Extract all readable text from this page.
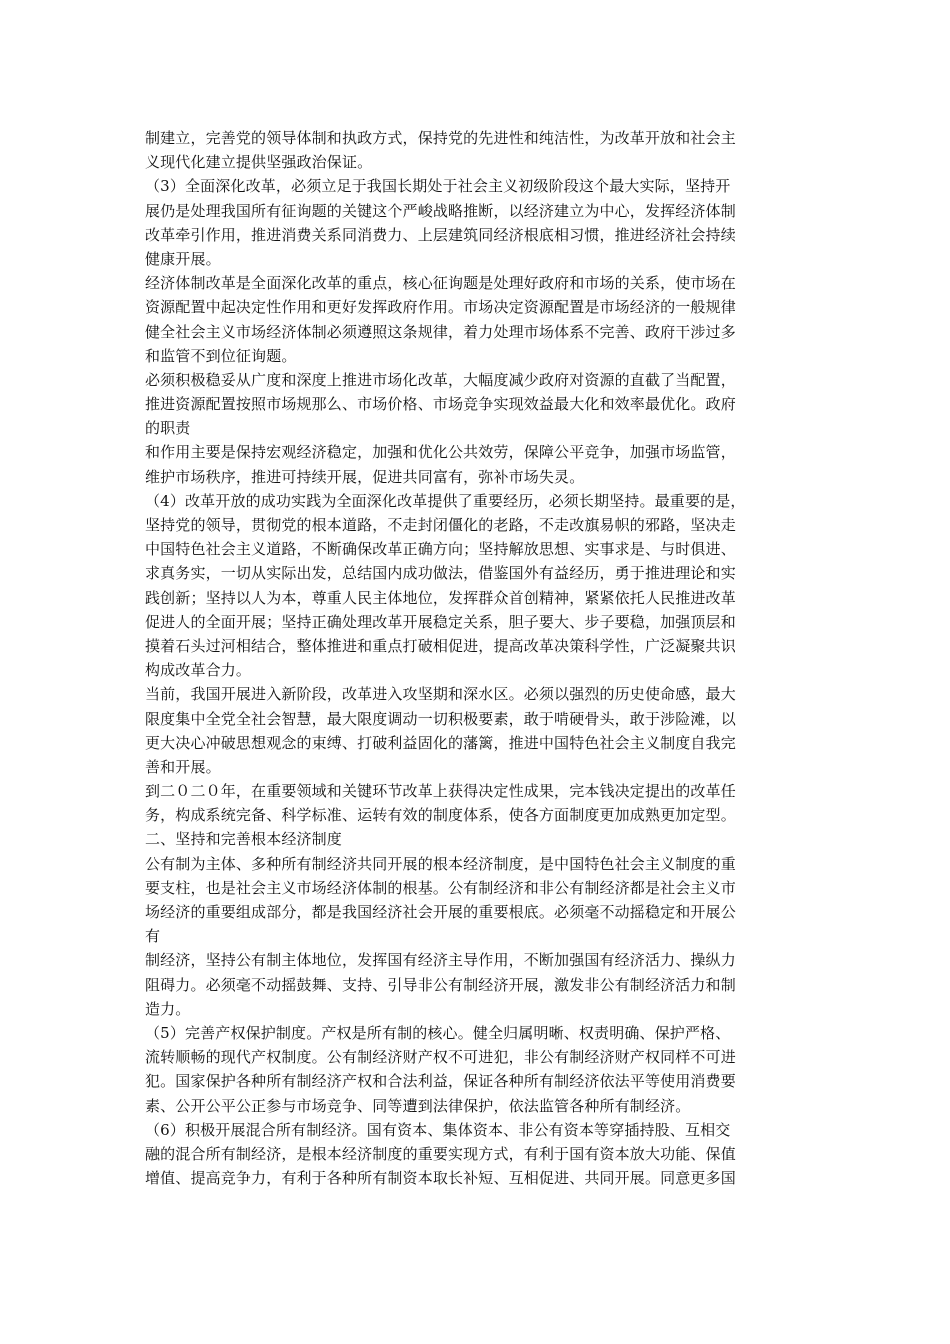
制建立，完善党的领导体制和执政方式，保持党的先进性和纯洁性，为改革开放和社会主
义现代化建立提供坚强政治保证。
（3）全面深化改革，必须立足于我国长期处于社会主义初级阶段这个最大实际，坚持开
展仍是处理我国所有征询题的关键这个严峻战略推断，以经济建立为中心，发挥经济体制
改革牵引作用，推进消费关系同消费力、上层建筑同经济根底相习惯，推进经济社会持续
健康开展。
经济体制改革是全面深化改革的重点，核心征询题是处理好政府和市场的关系，使市场在
资源配置中起决定性作用和更好发挥政府作用。市场决定资源配置是市场经济的一般规律
健全社会主义市场经济体制必须遵照这条规律，着力处理市场体系不完善、政府干涉过多
和监管不到位征询题。
必须积极稳妥从广度和深度上推进市场化改革，大幅度减少政府对资源的直截了当配置，
推进资源配置按照市场规那么、市场价格、市场竞争实现效益最大化和效率最优化。政府
的职责
和作用主要是保持宏观经济稳定，加强和优化公共效劳，保障公平竞争，加强市场监管，
维护市场秩序，推进可持续开展，促进共同富有，弥补市场失灵。
（4）改革开放的成功实践为全面深化改革提供了重要经历，必须长期坚持。最重要的是，
坚持党的领导，贯彻党的根本道路，不走封闭僵化的老路，不走改旗易帜的邪路，坚决走
中国特色社会主义道路，不断确保改革正确方向；坚持解放思想、实事求是、与时俱进、
求真务实，一切从实际出发，总结国内成功做法，借鉴国外有益经历，勇于推进理论和实
践创新；坚持以人为本，尊重人民主体地位，发挥群众首创精神，紧紧依托人民推进改革
促进人的全面开展；坚持正确处理改革开展稳定关系，胆子要大、步子要稳，加强顶层和
摸着石头过河相结合，整体推进和重点打破相促进，提高改革决策科学性，广泛凝聚共识
构成改革合力。
当前，我国开展进入新阶段，改革进入攻坚期和深水区。必须以强烈的历史使命感，最大
限度集中全党全社会智慧，最大限度调动一切积极要素，敢于啃硬骨头，敢于涉险滩，以
更大决心冲破思想观念的束缚、打破利益固化的藩篱，推进中国特色社会主义制度自我完
善和开展。
到二０二０年，在重要领域和关键环节改革上获得决定性成果，完本钱决定提出的改革任
务，构成系统完备、科学标准、运转有效的制度体系，使各方面制度更加成熟更加定型。
二、坚持和完善根本经济制度
公有制为主体、多种所有制经济共同开展的根本经济制度，是中国特色社会主义制度的重
要支柱，也是社会主义市场经济体制的根基。公有制经济和非公有制经济都是社会主义市
场经济的重要组成部分，都是我国经济社会开展的重要根底。必须毫不动摇稳定和开展公
有
制经济，坚持公有制主体地位，发挥国有经济主导作用，不断加强国有经济活力、操纵力
阻碍力。必须毫不动摇鼓舞、支持、引导非公有制经济开展，激发非公有制经济活力和制
造力。
（5）完善产权保护制度。产权是所有制的核心。健全归属明晰、权责明确、保护严格、
流转顺畅的现代产权制度。公有制经济财产权不可进犯，非公有制经济财产权同样不可进
犯。国家保护各种所有制经济产权和合法利益，保证各种所有制经济依法平等使用消费要
素、公开公平公正参与市场竞争、同等遭到法律保护，依法监管各种所有制经济。
（6）积极开展混合所有制经济。国有资本、集体资本、非公有资本等穿插持股、互相交
融的混合所有制经济，是根本经济制度的重要实现方式，有利于国有资本放大功能、保值
增值、提高竞争力，有利于各种所有制资本取长补短、互相促进、共同开展。同意更多国
